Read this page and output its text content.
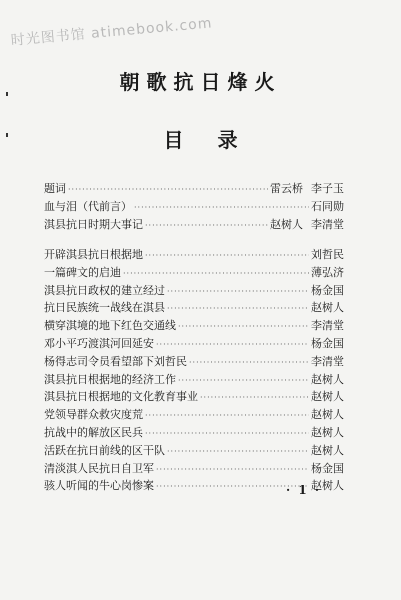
时光图书馆 atimebook.com
朝歌抗日烽火
目录
题词 ·····	雷云桥 李子玉
血与泪（代前言） ·····	石同勋
淇县抗日时期大事记 ·····	赵树人 李清堂
开辟淇县抗日根据地 ·····	刘哲民
一篇碑文的启迪 ·····	薄弘济
淇县抗日政权的建立经过 ·····	杨金国
抗日民族统一战线在淇县 ·····	赵树人
横穿淇境的地下红色交通线 ·····	李清堂
邓小平巧渡淇河回延安 ·····	杨金国
杨得志司令员看望部下刘哲民 ·····	李清堂
淇县抗日根据地的经济工作 ·····	赵树人
淇县抗日根据地的文化教育事业 ·····	赵树人
党领导群众救灾度荒 ·····	赵树人
抗战中的解放区民兵 ·····	赵树人
活跃在抗日前线的区干队 ·····	赵树人
清淡淇人民抗日自卫军 ·····	杨金国
骇人听闻的牛心岗惨案 ·····	赵树人
· 1 ·
